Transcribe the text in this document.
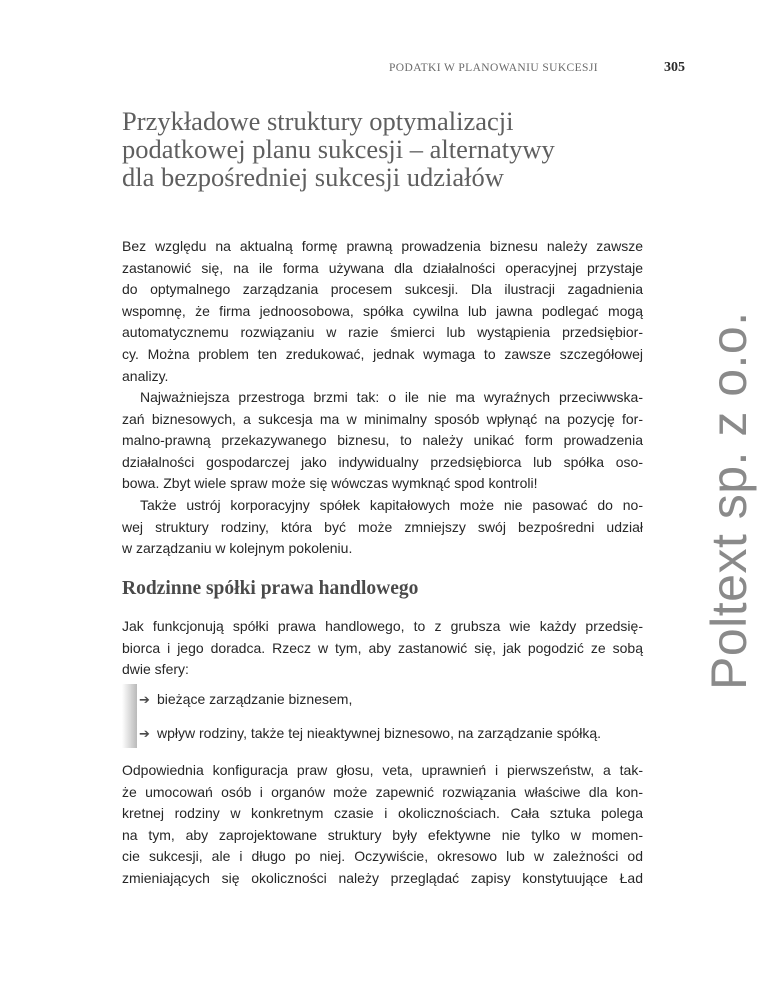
PODATKI W PLANOWANIU SUKCESJI	305
Przykładowe struktury optymalizacji
podatkowej planu sukcesji – alternatywy
dla bezpośredniej sukcesji udziałów

Bez względu na aktualną formę prawną prowadzenia biznesu należy zawsze
zastanowić się, na ile forma używana dla działalności operacyjnej przystaje
do optymalnego zarządzania procesem sukcesji. Dla ilustracji zagadnienia
wspomnę, że firma jednoosobowa, spółka cywilna lub jawna podlegać mogą
automatycznemu rozwiązaniu w razie śmierci lub wystąpienia przedsiębior-
cy. Można problem ten zredukować, jednak wymaga to zawsze szczegółowej
analizy.

Najważniejsza przestroga brzmi tak: o ile nie ma wyraźnych przeciwwska-
zań biznesowych, a sukcesja ma w minimalny sposób wpłynąć na pozycję for-
malno-prawną przekazywanego biznesu, to należy unikać form prowadzenia
działalności gospodarczej jako indywidualny przedsiębiorca lub spółka oso-
bowa. Zbyt wiele spraw może się wówczas wymknąć spod kontroli!

Także ustrój korporacyjny spółek kapitałowych może nie pasować do no-
wej struktury rodziny, która być może zmniejszy swój bezpośredni udział
w zarządzaniu w kolejnym pokoleniu.

Rodzinne spółki prawa handlowego

Jak funkcjonują spółki prawa handlowego, to z grubsza wie każdy przedsię-
biorca i jego doradca. Rzecz w tym, aby zastanowić się, jak pogodzić ze sobą
dwie sfery:

➔ bieżące zarządzanie biznesem,
➔ wpływ rodziny, także tej nieaktywnej biznesowo, na zarządzanie spółką.

Odpowiednia konfiguracja praw głosu, veta, uprawnień i pierwszeństw, a tak-
że umocowań osób i organów może zapewnić rozwiązania właściwe dla kon-
kretnej rodziny w konkretnym czasie i okolicznościach. Cała sztuka polega
na tym, aby zaprojektowane struktury były efektywne nie tylko w momen-
cie sukcesji, ale i długo po niej. Oczywiście, okresowo lub w zależności od
zmieniających się okoliczności należy przeglądać zapisy konstytuujące Ład

Poltext sp. z o.o.
